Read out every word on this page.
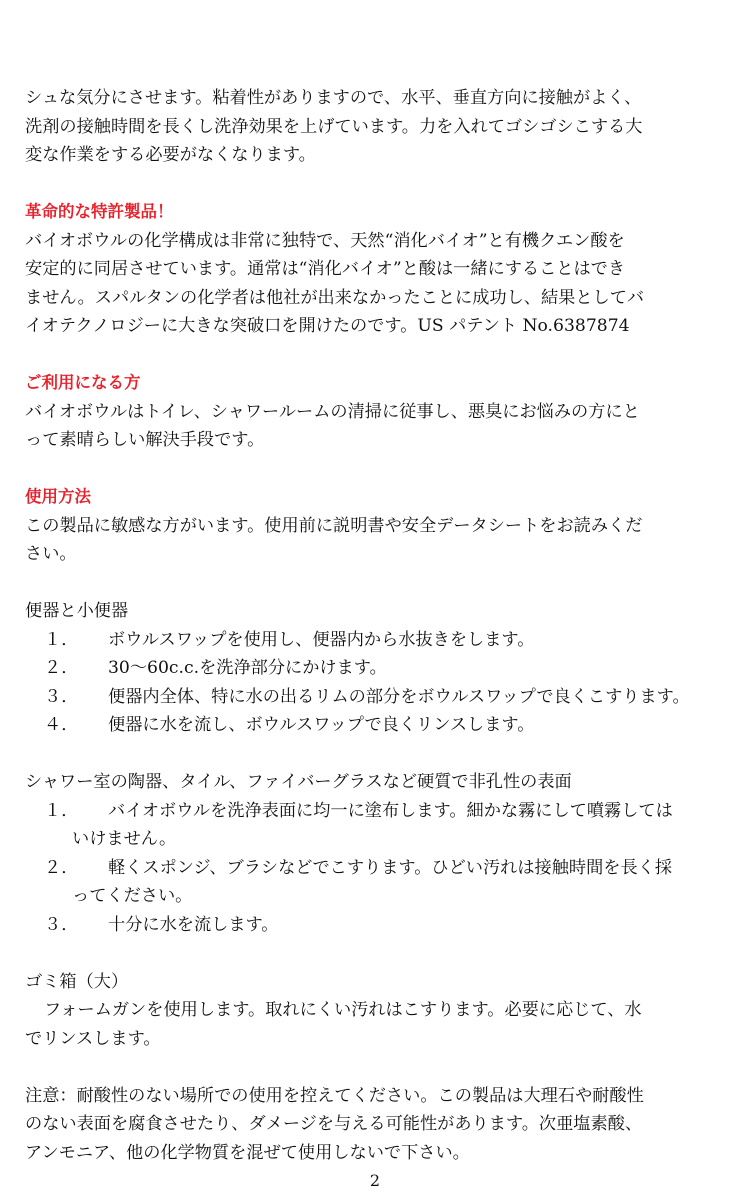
シュな気分にさせます。粘着性がありますので、水平、垂直方向に接触がよく、

洗剤の接触時間を長くし洗浄効果を上げています。力を入れてゴシゴシこする大

変な作業をする必要がなくなります。

革命的な特許製品！

バイオボウルの化学構成は非常に独特で、天然“消化バイオ”と有機クエン酸を

安定的に同居させています。通常は“消化バイオ”と酸は一緒にすることはでき

ません。スパルタンの化学者は他社が出来なかったことに成功し、結果としてバ

イオテクノロジーに大きな突破口を開けたのです。US パテント No.6387874

ご利用になる方

バイオボウルはトイレ、シャワールームの清掃に従事し、悪臭にお悩みの方にと

って素晴らしい解決手段です。

使用方法

この製品に敏感な方がいます。使用前に説明書や安全データシートをお読みくだ

さい。

便器と小便器

１． ボウルスワップを使用し、便器内から水抜きをします。

２． 30～60c.c.を洗浄部分にかけます。

３． 便器内全体、特に水の出るリムの部分をボウルスワップで良くこすります。

４． 便器に水を流し、ボウルスワップで良くリンスします。

シャワー室の陶器、タイル、ファイバーグラスなど硬質で非孔性の表面

１． バイオボウルを洗浄表面に均一に塗布します。細かな霧にして噴霧しては

いけません。

２． 軽くスポンジ、ブラシなどでこすります。ひどい汚れは接触時間を長く採

ってください。

３． 十分に水を流します。

ゴミ箱（大）

フォームガンを使用します。取れにくい汚れはこすります。必要に応じて、水

でリンスします。

注意：耐酸性のない場所での使用を控えてください。この製品は大理石や耐酸性

のない表面を腐食させたり、ダメージを与える可能性があります。次亜塩素酸、

アンモニア、他の化学物質を混ぜて使用しないで下さい。

2
